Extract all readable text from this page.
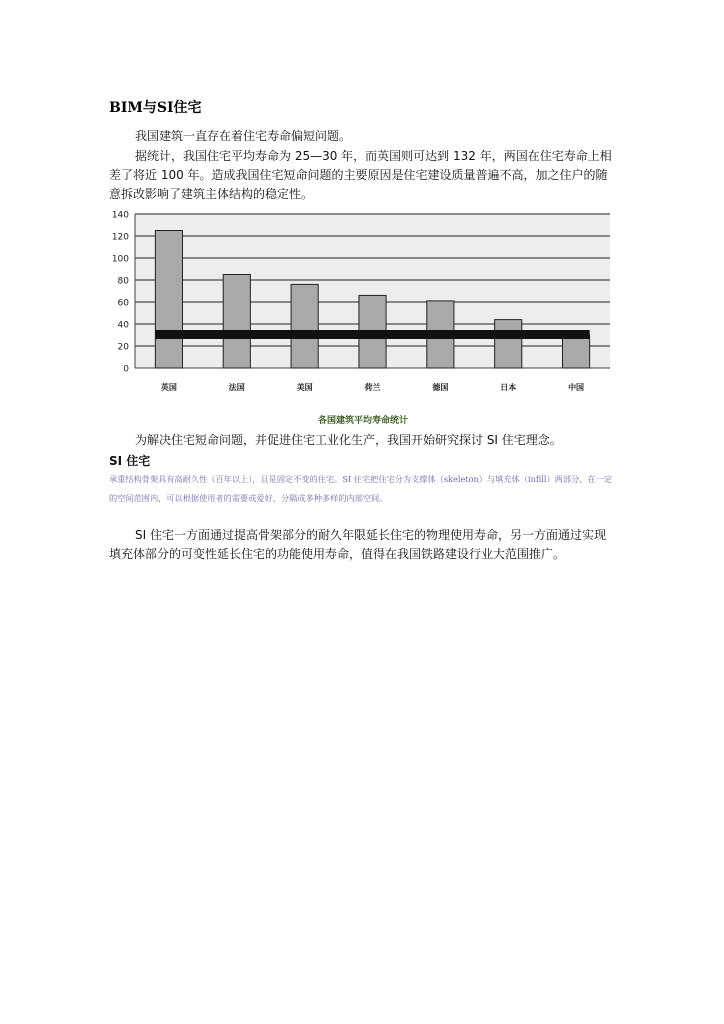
BIM与SI住宅

我国建筑一直存在着住宅寿命偏短问题。

据统计，我国住宅平均寿命为 25—30 年，而英国则可达到 132 年，两国在住宅寿命上相差了将近 100 年。造成我国住宅短命问题的主要原因是住宅建设质量普遍不高，加之住户的随意拆改影响了建筑主体结构的稳定性。

0
20
40
60
80
100
120
140
英国	法国	美国	荷兰	德国	日本	中国
各国建筑平均寿命统计

为解决住宅短命问题，并促进住宅工业化生产，我国开始研究探讨 SI 住宅理念。

SI 住宅

承重结构骨架具有高耐久性（百年以上），且是固定不变的住宅。SI 住宅把住宅分为支撑体（skeleton）与填充体（infill）两部分。在一定的空间范围内，可以根据使用者的需要或爱好，分隔成多种多样的内部空间。

SI 住宅一方面通过提高骨架部分的耐久年限延长住宅的物理使用寿命，另一方面通过实现填充体部分的可变性延长住宅的功能使用寿命，值得在我国铁路建设行业大范围推广。
